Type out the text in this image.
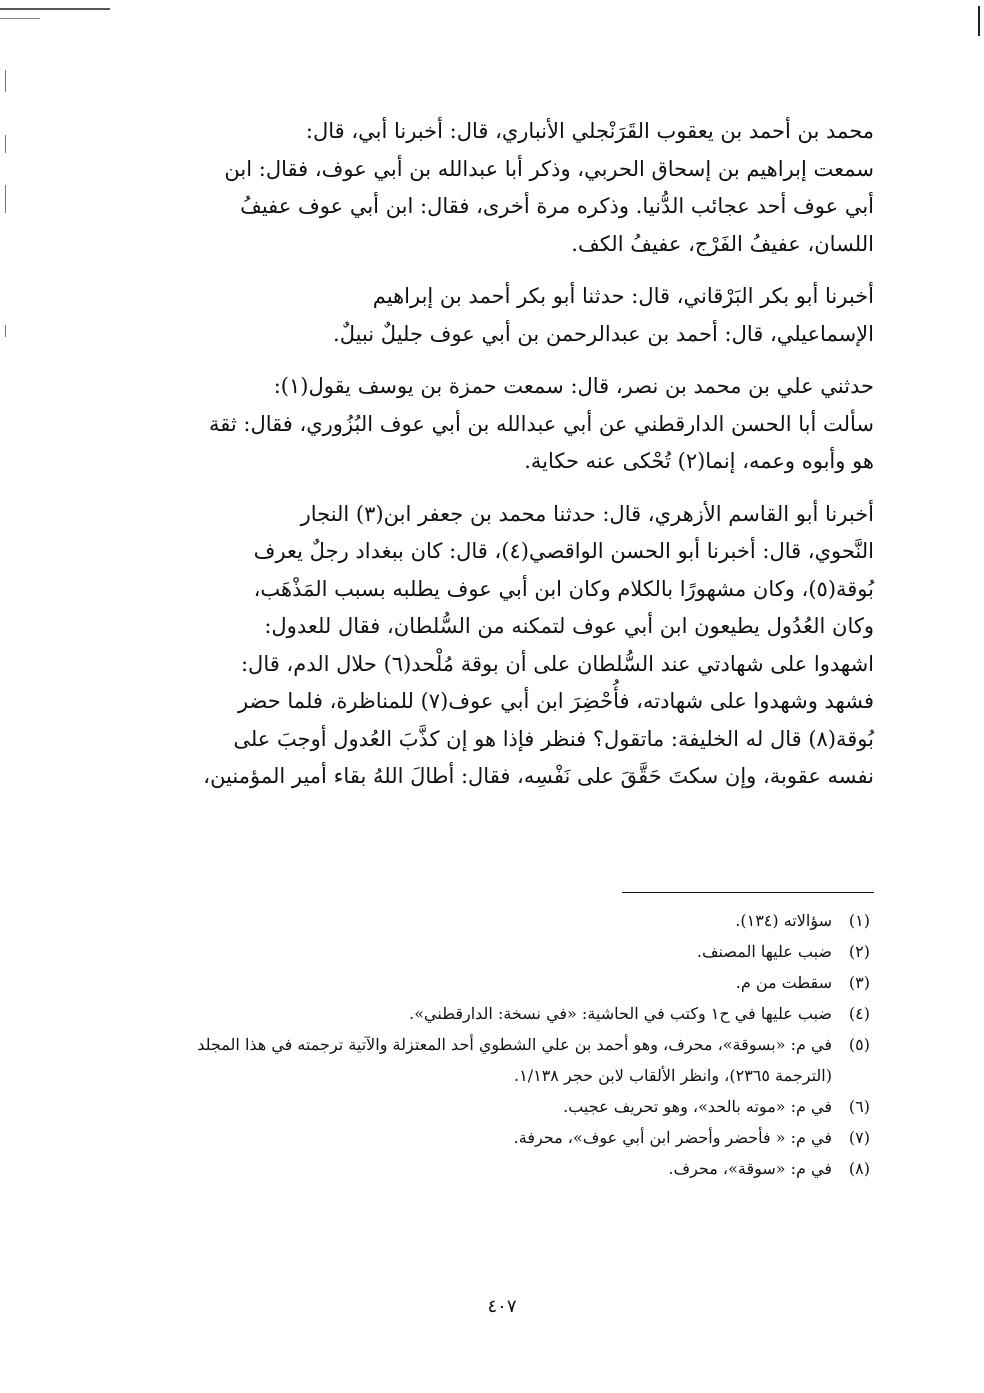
محمد بن أحمد بن يعقوب القَرَنْجلي الأنباري، قال: أخبرنا أبي، قال:

سمعت إبراهيم بن إسحاق الحربي، وذكر أبا عبدالله بن أبي عوف، فقال: ابن

أبي عوف أحد عجائب الدُّنيا. وذكره مرة أخرى، فقال: ابن أبي عوف عفيفُ

اللسان، عفيفُ الفَرْج، عفيفُ الكف.

أخبرنا أبو بكر البَرْقاني، قال: حدثنا أبو بكر أحمد بن إبراهيم

الإسماعيلي، قال: أحمد بن عبدالرحمن بن أبي عوف جليلٌ نبيلٌ.

حدثني علي بن محمد بن نصر، قال: سمعت حمزة بن يوسف يقول(١):

سألت أبا الحسن الدارقطني عن أبي عبدالله بن أبي عوف البُزُوري، فقال: ثقة

هو وأبوه وعمه، إنما(٢) تُحْكى عنه حكاية.

أخبرنا أبو القاسم الأزهري، قال: حدثنا محمد بن جعفر ابن(٣) النجار

النَّحوي، قال: أخبرنا أبو الحسن الواقصي(٤)، قال: كان ببغداد رجلٌ يعرف

بُوقة(٥)، وكان مشهورًا بالكلام وكان ابن أبي عوف يطلبه بسبب المَذْهَب،

وكان العُدُول يطيعون ابن أبي عوف لتمكنه من السُّلطان، فقال للعدول:

اشهدوا على شهادتي عند السُّلطان على أن بوقة مُلْحد(٦) حلال الدم، قال:

فشهد وشهدوا على شهادته، فأُحْضِرَ ابن أبي عوف(٧) للمناظرة، فلما حضر

بُوقة(٨) قال له الخليفة: ماتقول؟ فنظر فإذا هو إن كذَّبَ العُدول أوجبَ على

نفسه عقوبة، وإن سكتَ حَقَّقَ على نَفْسِه، فقال: أطالَ اللهُ بقاء أمير المؤمنين،

(١)
سؤالاته (١٣٤).
(٢)
ضبب عليها المصنف.
(٣)
سقطت من م.
(٤)
ضبب عليها في ح١ وكتب في الحاشية: «في نسخة: الدارقطني».
(٥)
في م: «بسوقة»، محرف، وهو أحمد بن علي الشطوي أحد المعتزلة والآتية ترجمته في هذا المجلد (الترجمة ٢٣٦٥)، وانظر الألقاب لابن حجر ١/١٣٨.
(٦)
في م: «موته بالحد»، وهو تحريف عجيب.
(٧)
في م: « فأحضر وأحضر ابن أبي عوف»، محرفة.
(٨)
في م: «سوقة»، محرف.
٤٠٧
